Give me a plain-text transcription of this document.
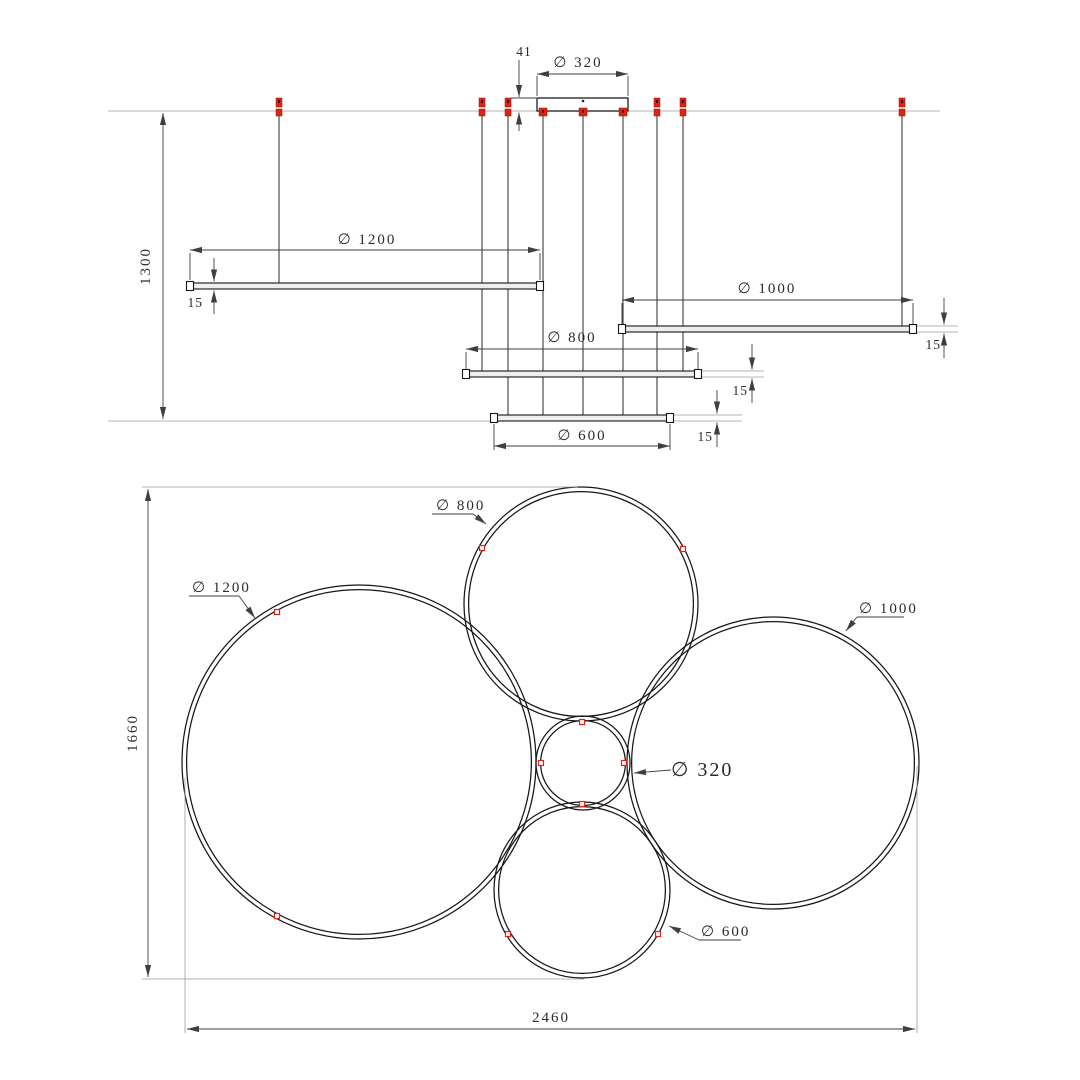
∅ 320
41
1300
∅ 1200
15
∅ 1000
15
∅ 800
15
∅ 600	15
∅ 800
∅ 1200
∅ 1000
∅ 320
∅ 600
1660
2460
